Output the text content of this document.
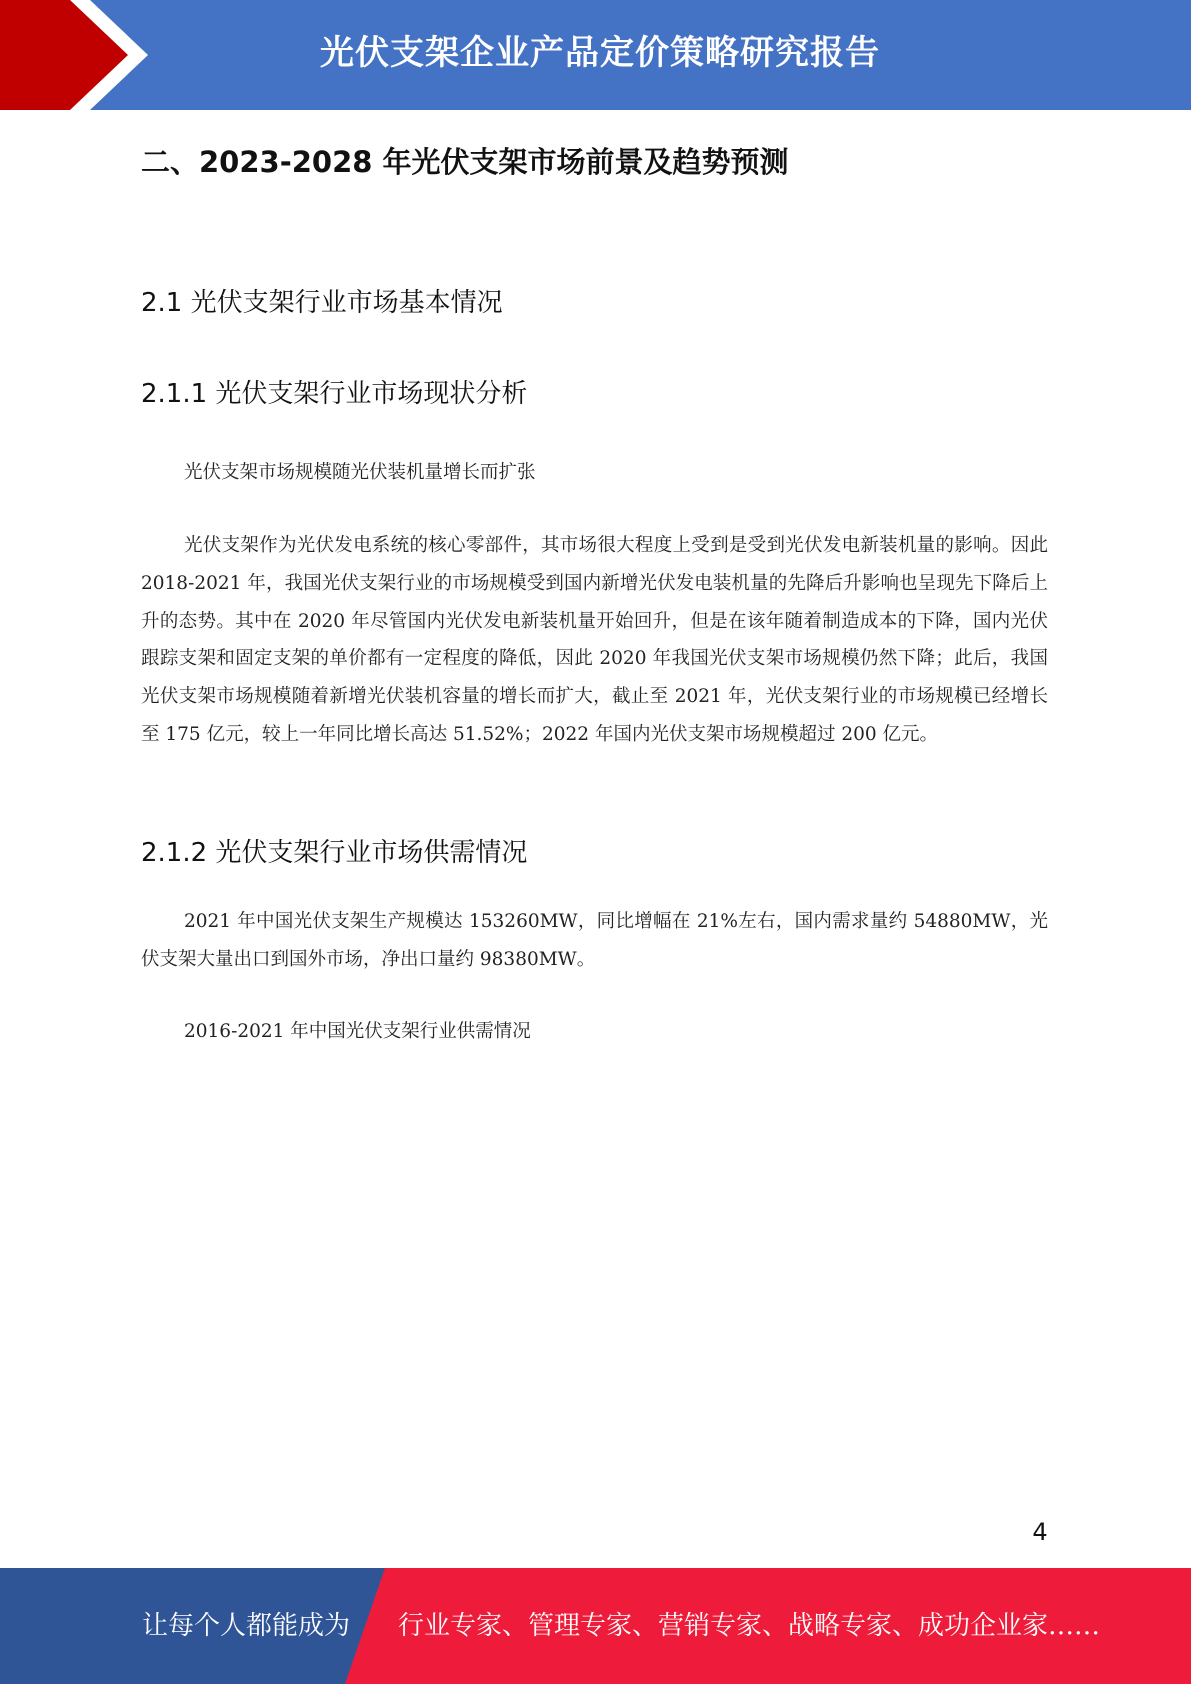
光伏支架企业产品定价策略研究报告
二、2023-2028 年光伏支架市场前景及趋势预测
2.1 光伏支架行业市场基本情况
2.1.1 光伏支架行业市场现状分析
光伏支架市场规模随光伏装机量增长而扩张

光伏支架作为光伏发电系统的核心零部件，其市场很大程度上受到是受到光伏发电新装机量的影响。因此 2018-2021 年，我国光伏支架行业的市场规模受到国内新增光伏发电装机量的先降后升影响也呈现先下降后上升的态势。其中在 2020 年尽管国内光伏发电新装机量开始回升，但是在该年随着制造成本的下降，国内光伏跟踪支架和固定支架的单价都有一定程度的降低，因此 2020 年我国光伏支架市场规模仍然下降；此后，我国光伏支架市场规模随着新增光伏装机容量的增长而扩大，截止至 2021 年，光伏支架行业的市场规模已经增长至 175 亿元，较上一年同比增长高达 51.52%；2022 年国内光伏支架市场规模超过 200 亿元。

2.1.2 光伏支架行业市场供需情况

2021 年中国光伏支架生产规模达 153260MW，同比增幅在 21%左右，国内需求量约 54880MW，光伏支架大量出口到国外市场，净出口量约 98380MW。

2016-2021 年中国光伏支架行业供需情况
4
让每个人都能成为 行业专家、管理专家、营销专家、战略专家、成功企业家……
